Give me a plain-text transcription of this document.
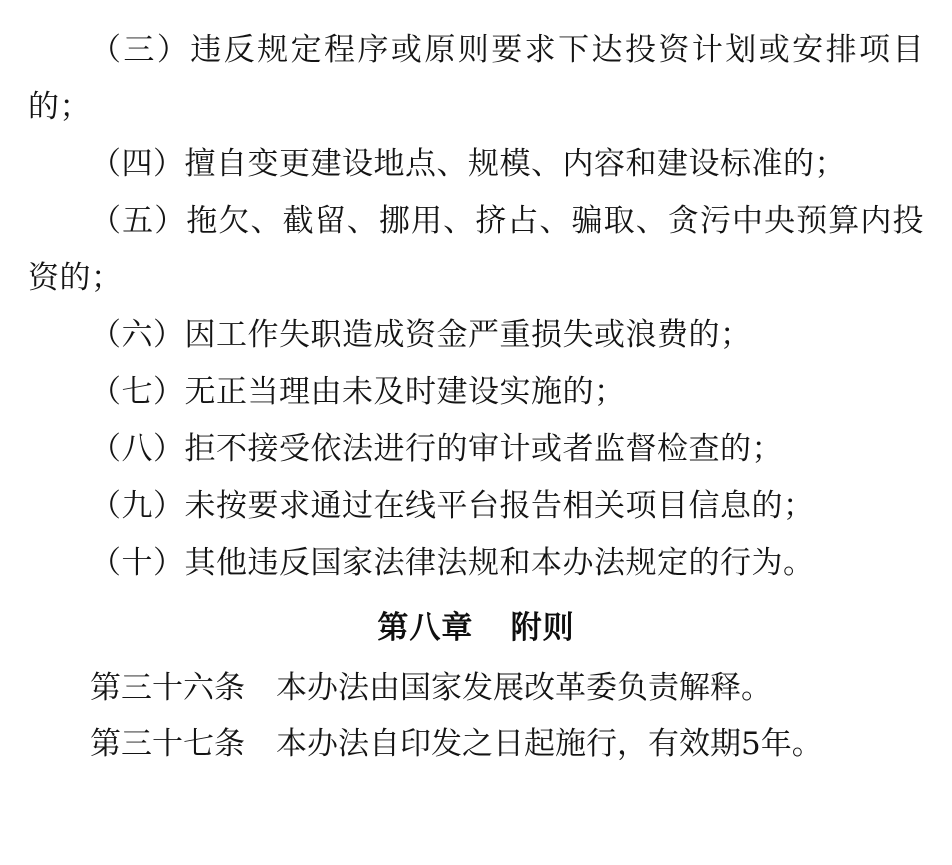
（三）违反规定程序或原则要求下达投资计划或安排项目的；

（四）擅自变更建设地点、规模、内容和建设标准的；

（五）拖欠、截留、挪用、挤占、骗取、贪污中央预算内投资的；

（六）因工作失职造成资金严重损失或浪费的；

（七）无正当理由未及时建设实施的；

（八）拒不接受依法进行的审计或者监督检查的；

（九）未按要求通过在线平台报告相关项目信息的；

（十）其他违反国家法律法规和本办法规定的行为。

第八章 附则

第三十六条 本办法由国家发展改革委负责解释。

第三十七条 本办法自印发之日起施行，有效期5年。
